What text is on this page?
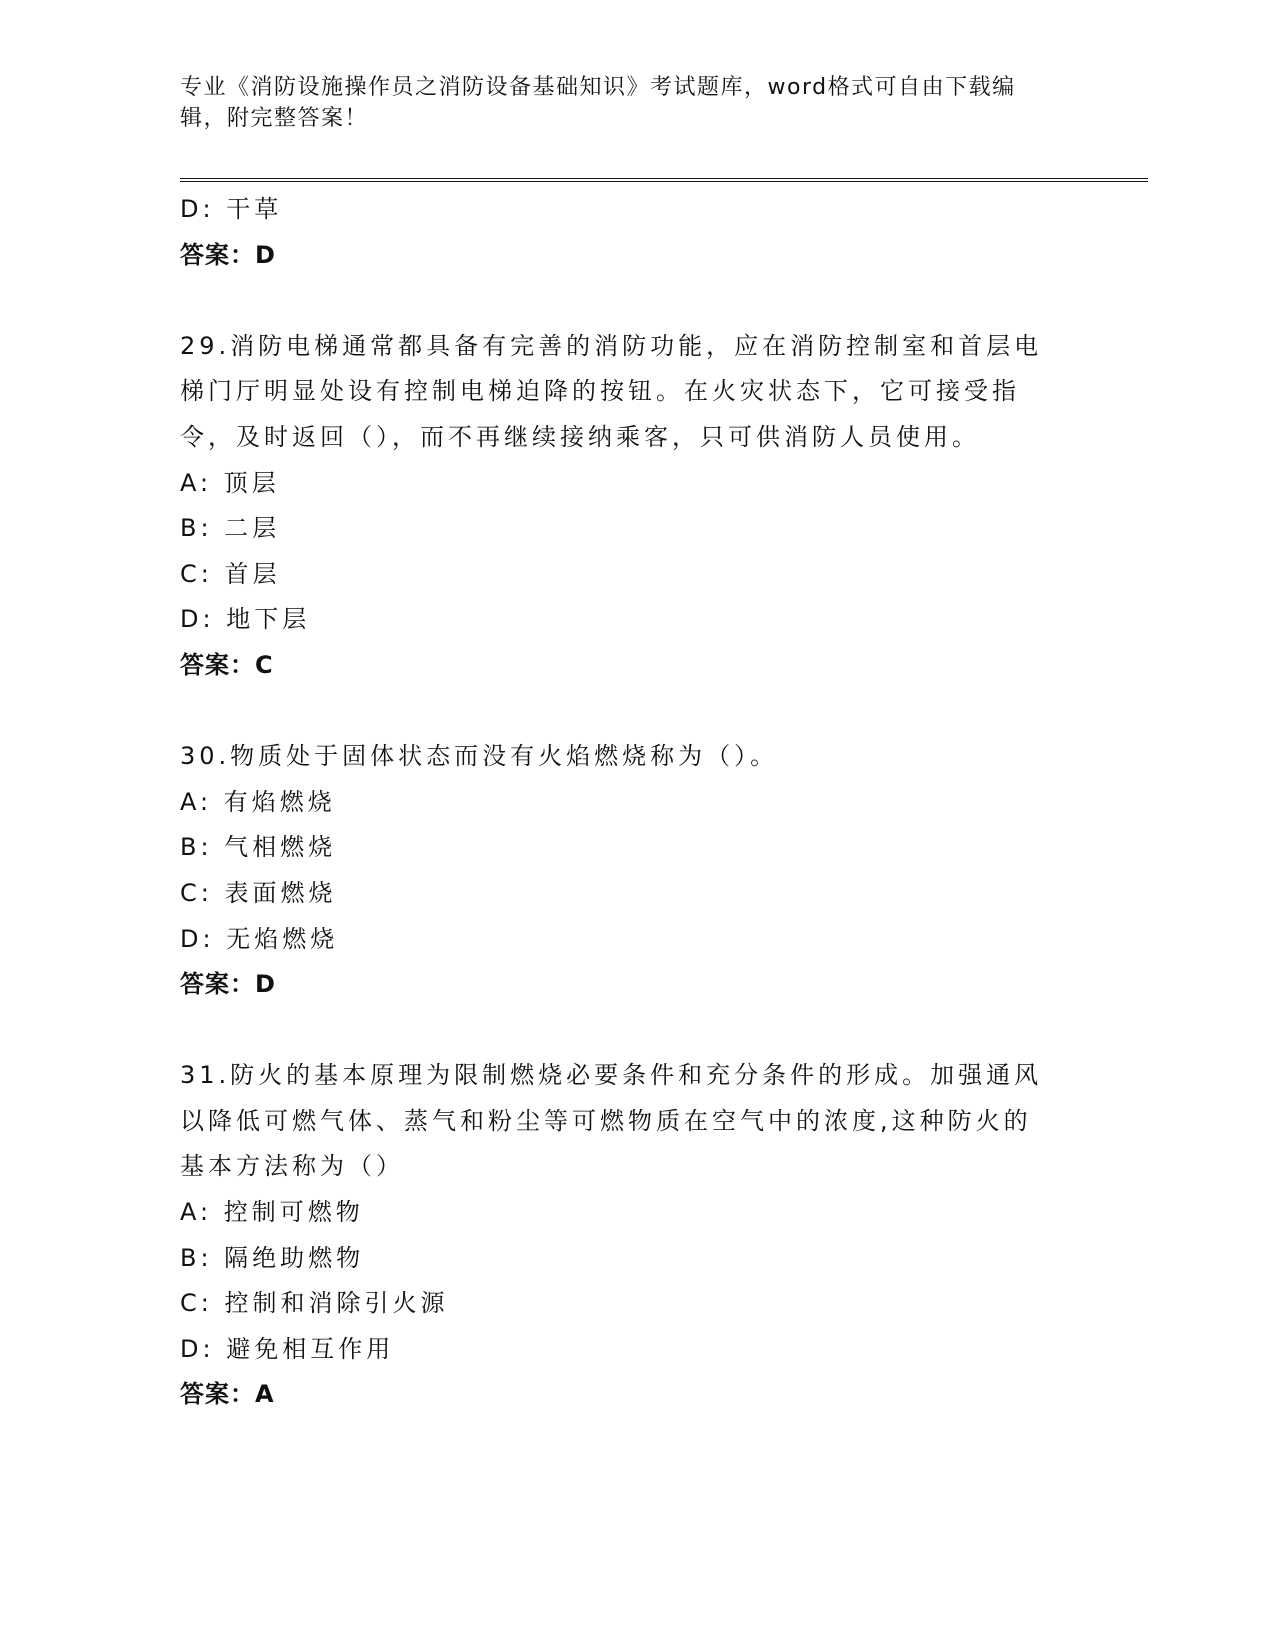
专业《消防设施操作员之消防设备基础知识》考试题库，word格式可自由下载编
辑，附完整答案！
D: 干草
答案：D
29.消防电梯通常都具备有完善的消防功能，应在消防控制室和首层电
梯门厅明显处设有控制电梯迫降的按钮。在火灾状态下，它可接受指
令，及时返回（），而不再继续接纳乘客，只可供消防人员使用。
A: 顶层
B: 二层
C: 首层
D: 地下层
答案：C
30.物质处于固体状态而没有火焰燃烧称为（）。
A: 有焰燃烧
B: 气相燃烧
C: 表面燃烧
D: 无焰燃烧
答案：D
31.防火的基本原理为限制燃烧必要条件和充分条件的形成。加强通风
以降低可燃气体、蒸气和粉尘等可燃物质在空气中的浓度,这种防火的
基本方法称为（）
A: 控制可燃物
B: 隔绝助燃物
C: 控制和消除引火源
D: 避免相互作用
答案：A
